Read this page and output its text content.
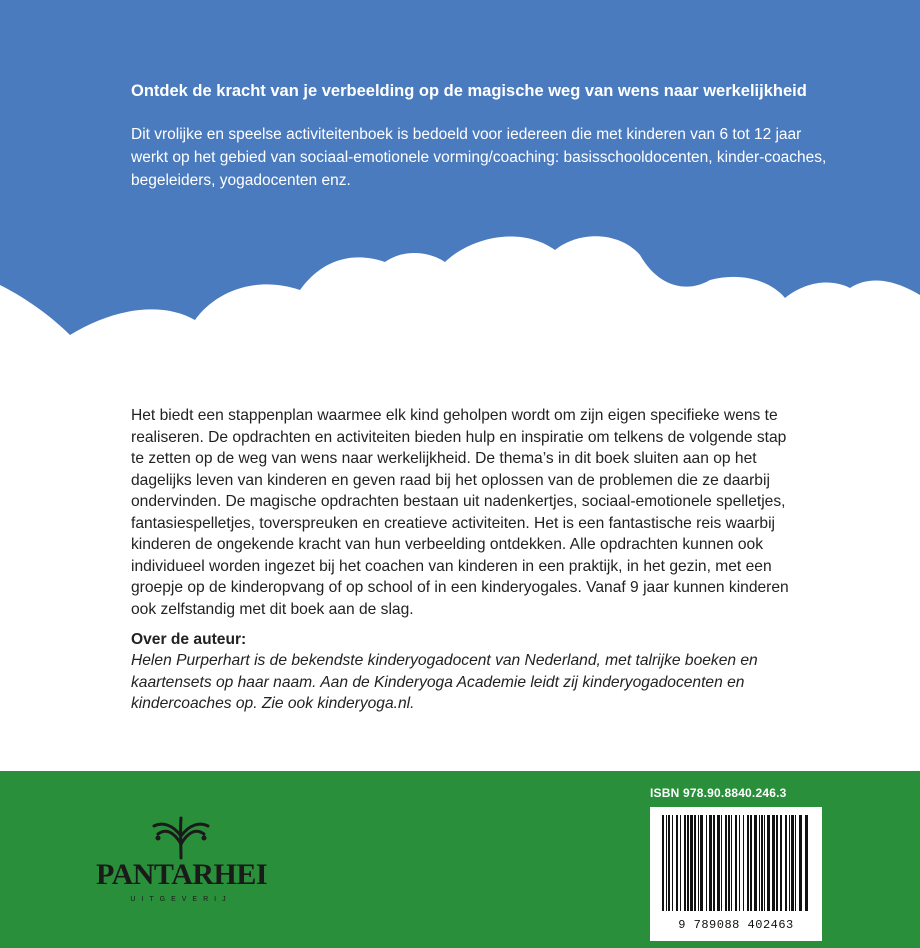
Ontdek de kracht van je verbeelding op de magische weg van wens naar werkelijkheid
Dit vrolijke en speelse activiteitenboek is bedoeld voor iedereen die met kinderen van 6 tot 12 jaar werkt op het gebied van sociaal-emotionele vorming/coaching: basisschooldocenten, kinder-coaches, begeleiders, yogadocenten enz.
Het biedt een stappenplan waarmee elk kind geholpen wordt om zijn eigen specifieke wens te realiseren. De opdrachten en activiteiten bieden hulp en inspiratie om telkens de volgende stap te zetten op de weg van wens naar werkelijkheid. De thema’s in dit boek sluiten aan op het dagelijks leven van kinderen en geven raad bij het oplossen van de problemen die ze daarbij ondervinden. De magische opdrachten bestaan uit nadenkertjes, sociaal-emotionele spelletjes, fantasiespelletjes, toverspreuken en creatieve activiteiten. Het is een fantastische reis waarbij kinderen de ongekende kracht van hun verbeelding ontdekken. Alle opdrachten kunnen ook individueel worden ingezet bij het coachen van kinderen in een praktijk, in het gezin, met een groepje op de kinderopvang of op school of in een kinderyogales. Vanaf 9 jaar kunnen kinderen ook zelfstandig met dit boek aan de slag.
Over de auteur:
Helen Purperhart is de bekendste kinderyogadocent van Nederland, met talrijke boeken en kaartensets op haar naam. Aan de Kinderyoga Academie leidt zij kinderyogadocenten en kindercoaches op. Zie ook kinderyoga.nl.
PANTARHEI
UITGEVERIJ
ISBN 978.90.8840.246.3
9 789088 402463
